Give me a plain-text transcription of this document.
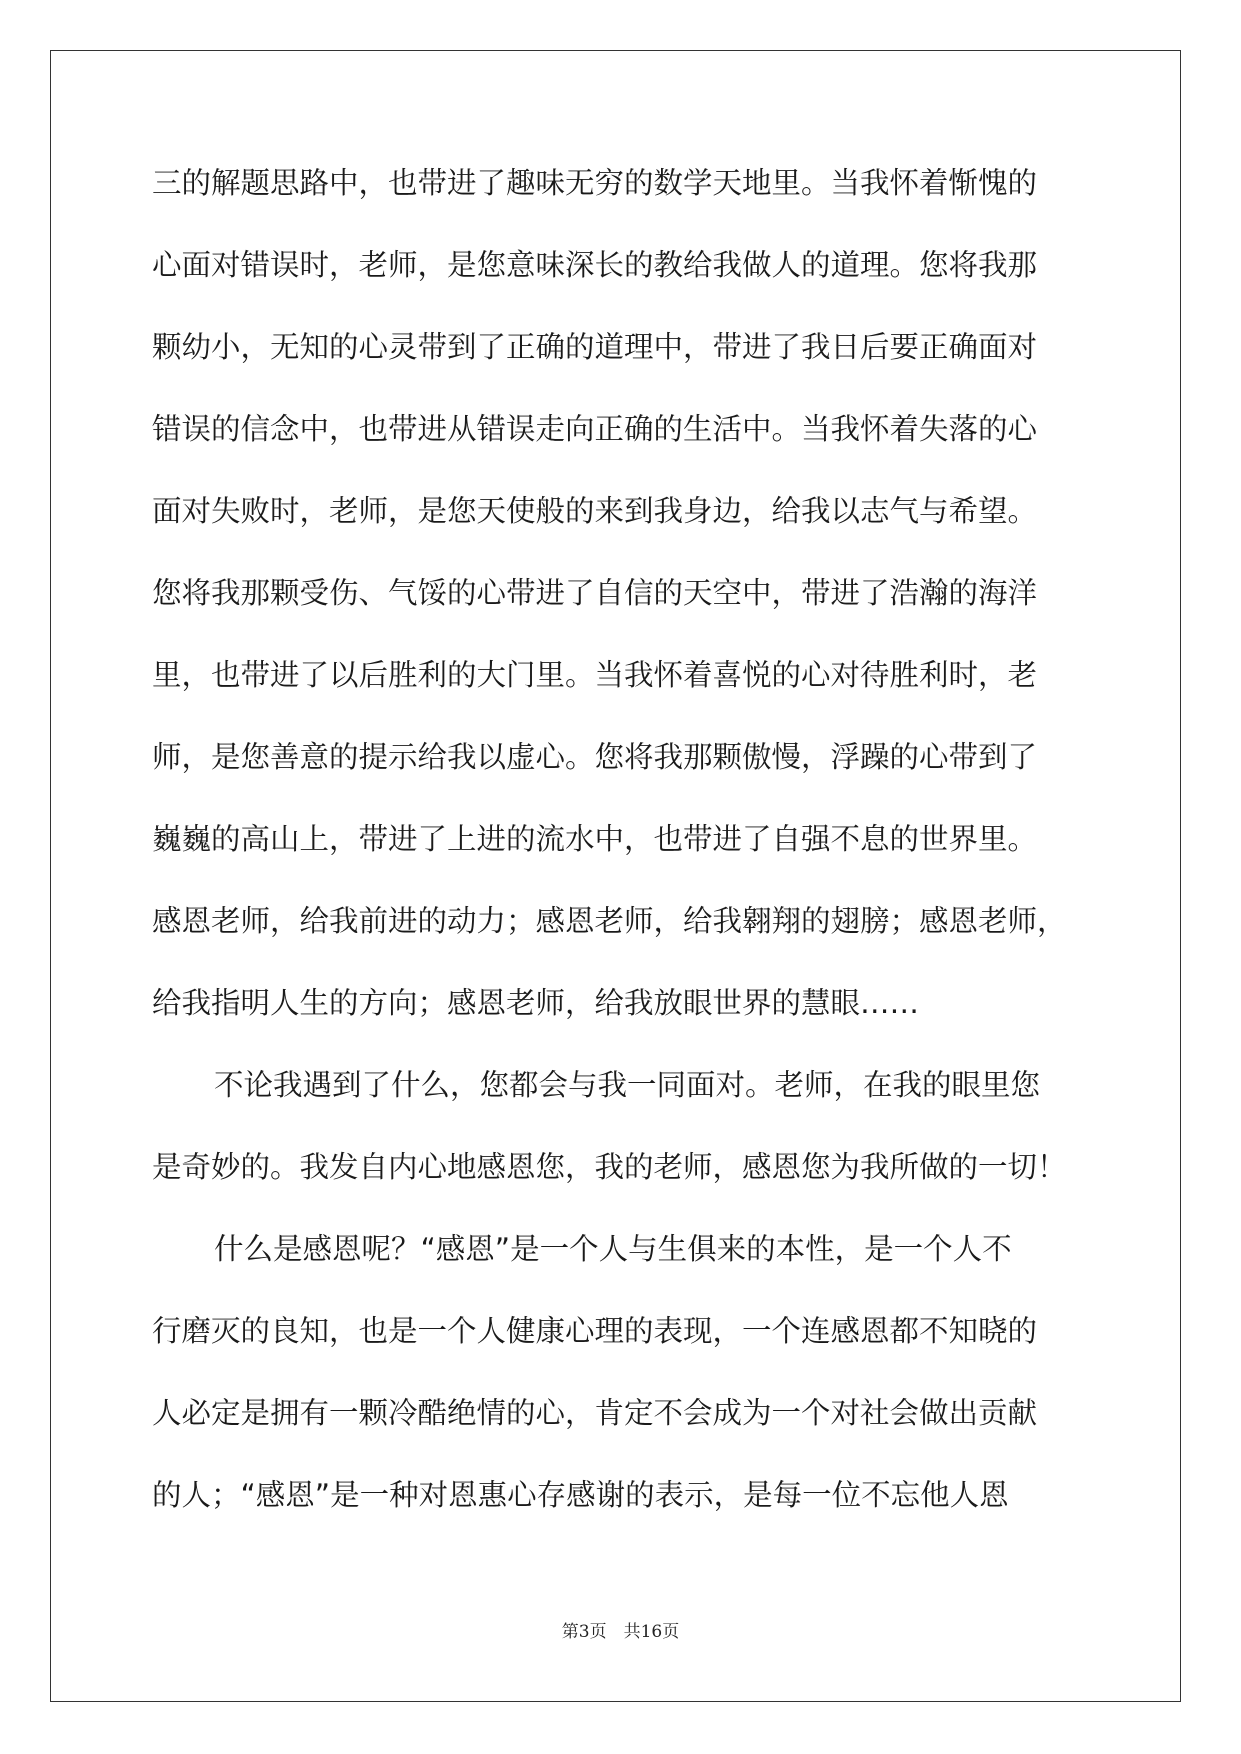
三的解题思路中，也带进了趣味无穷的数学天地里。当我怀着惭愧的
心面对错误时，老师，是您意味深长的教给我做人的道理。您将我那
颗幼小，无知的心灵带到了正确的道理中，带进了我日后要正确面对
错误的信念中，也带进从错误走向正确的生活中。当我怀着失落的心
面对失败时，老师，是您天使般的来到我身边，给我以志气与希望。
您将我那颗受伤、气馁的心带进了自信的天空中，带进了浩瀚的海洋
里，也带进了以后胜利的大门里。当我怀着喜悦的心对待胜利时，老
师，是您善意的提示给我以虚心。您将我那颗傲慢，浮躁的心带到了
巍巍的高山上，带进了上进的流水中，也带进了自强不息的世界里。
感恩老师，给我前进的动力；感恩老师，给我翱翔的翅膀；感恩老师，
给我指明人生的方向；感恩老师，给我放眼世界的慧眼……
不论我遇到了什么，您都会与我一同面对。老师，在我的眼里您
是奇妙的。我发自内心地感恩您，我的老师，感恩您为我所做的一切！
什么是感恩呢？“感恩”是一个人与生俱来的本性，是一个人不
行磨灭的良知，也是一个人健康心理的表现，一个连感恩都不知晓的
人必定是拥有一颗冷酷绝情的心，肯定不会成为一个对社会做出贡献
的人；“感恩”是一种对恩惠心存感谢的表示，是每一位不忘他人恩
第3页　共16页
